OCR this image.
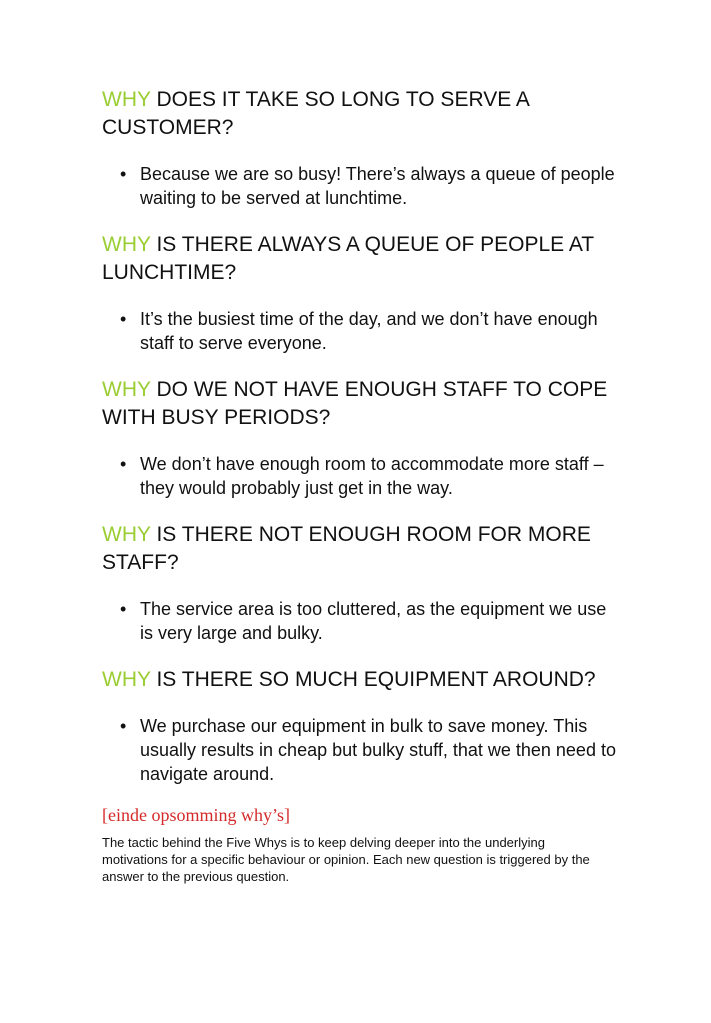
WHY DOES IT TAKE SO LONG TO SERVE A CUSTOMER?
• Because we are so busy! There’s always a queue of people waiting to be served at lunchtime.
WHY IS THERE ALWAYS A QUEUE OF PEOPLE AT LUNCHTIME?
• It’s the busiest time of the day, and we don’t have enough staff to serve everyone.
WHY DO WE NOT HAVE ENOUGH STAFF TO COPE WITH BUSY PERIODS?
• We don’t have enough room to accommodate more staff – they would probably just get in the way.
WHY IS THERE NOT ENOUGH ROOM FOR MORE STAFF?
• The service area is too cluttered, as the equipment we use is very large and bulky.
WHY IS THERE SO MUCH EQUIPMENT AROUND?
• We purchase our equipment in bulk to save money. This usually results in cheap but bulky stuff, that we then need to navigate around.
[einde opsomming why’s]

The tactic behind the Five Whys is to keep delving deeper into the underlying motivations for a specific behaviour or opinion. Each new question is triggered by the answer to the previous question.
